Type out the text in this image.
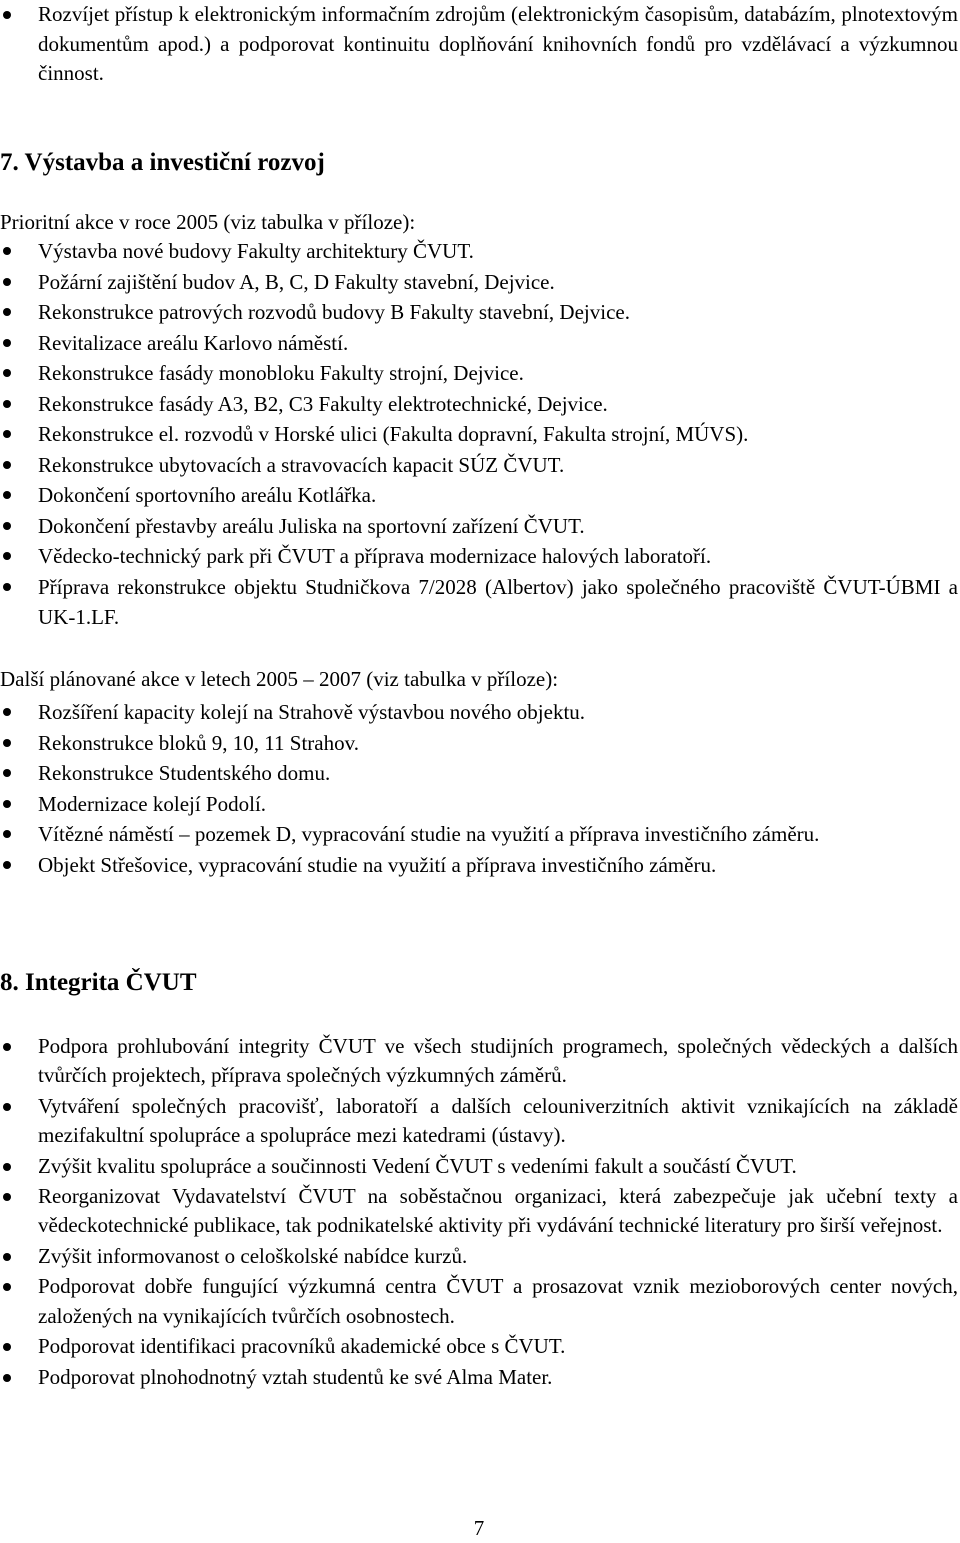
Rozvíjet přístup k elektronickým informačním zdrojům (elektronickým časopisům, databázím, plnotextovým dokumentům apod.) a podporovat kontinuitu doplňování knihovních fondů pro vzdělávací a výzkumnou činnost.
7. Výstavba a investiční rozvoj
Prioritní akce v roce 2005 (viz tabulka v příloze):
Výstavba nové budovy Fakulty architektury ČVUT.
Požární zajištění budov A, B, C, D Fakulty stavební, Dejvice.
Rekonstrukce patrových rozvodů budovy B Fakulty stavební, Dejvice.
Revitalizace areálu Karlovo náměstí.
Rekonstrukce fasády monobloku Fakulty strojní, Dejvice.
Rekonstrukce fasády A3, B2, C3 Fakulty elektrotechnické, Dejvice.
Rekonstrukce el. rozvodů v Horské ulici (Fakulta dopravní, Fakulta strojní, MÚVS).
Rekonstrukce ubytovacích a stravovacích kapacit SÚZ ČVUT.
Dokončení sportovního areálu Kotlářka.
Dokončení přestavby areálu Juliska na sportovní zařízení ČVUT.
Vědecko-technický park při ČVUT a příprava modernizace halových laboratoří.
Příprava rekonstrukce objektu Studničkova 7/2028 (Albertov) jako společného pracoviště ČVUT-ÚBMI a UK-1.LF.
Další plánované akce v letech 2005 – 2007 (viz tabulka v příloze):
Rozšíření kapacity kolejí na Strahově výstavbou nového objektu.
Rekonstrukce bloků 9, 10, 11 Strahov.
Rekonstrukce Studentského domu.
Modernizace kolejí Podolí.
Vítězné náměstí – pozemek D, vypracování studie na využití a příprava investičního záměru.
Objekt Střešovice, vypracování studie na využití a příprava investičního záměru.
8. Integrita ČVUT
Podpora prohlubování integrity ČVUT ve všech studijních programech, společných vědeckých a dalších tvůrčích projektech, příprava společných výzkumných záměrů.
Vytváření společných pracovišť, laboratoří a dalších celouniverzitních aktivit vznikajících na základě mezifakultní spolupráce a spolupráce mezi katedrami (ústavy).
Zvýšit kvalitu spolupráce a součinnosti Vedení ČVUT s vedeními fakult a součástí ČVUT.
Reorganizovat Vydavatelství ČVUT na soběstačnou organizaci, která zabezpečuje jak učební texty a vědeckotechnické publikace, tak podnikatelské aktivity při vydávání technické literatury pro širší veřejnost.
Zvýšit informovanost o celoškolské nabídce kurzů.
Podporovat dobře fungující výzkumná centra ČVUT a prosazovat vznik mezioborových center nových, založených na vynikajících tvůrčích osobnostech.
Podporovat identifikaci pracovníků akademické obce s ČVUT.
Podporovat plnohodnotný vztah studentů ke své Alma Mater.
7
